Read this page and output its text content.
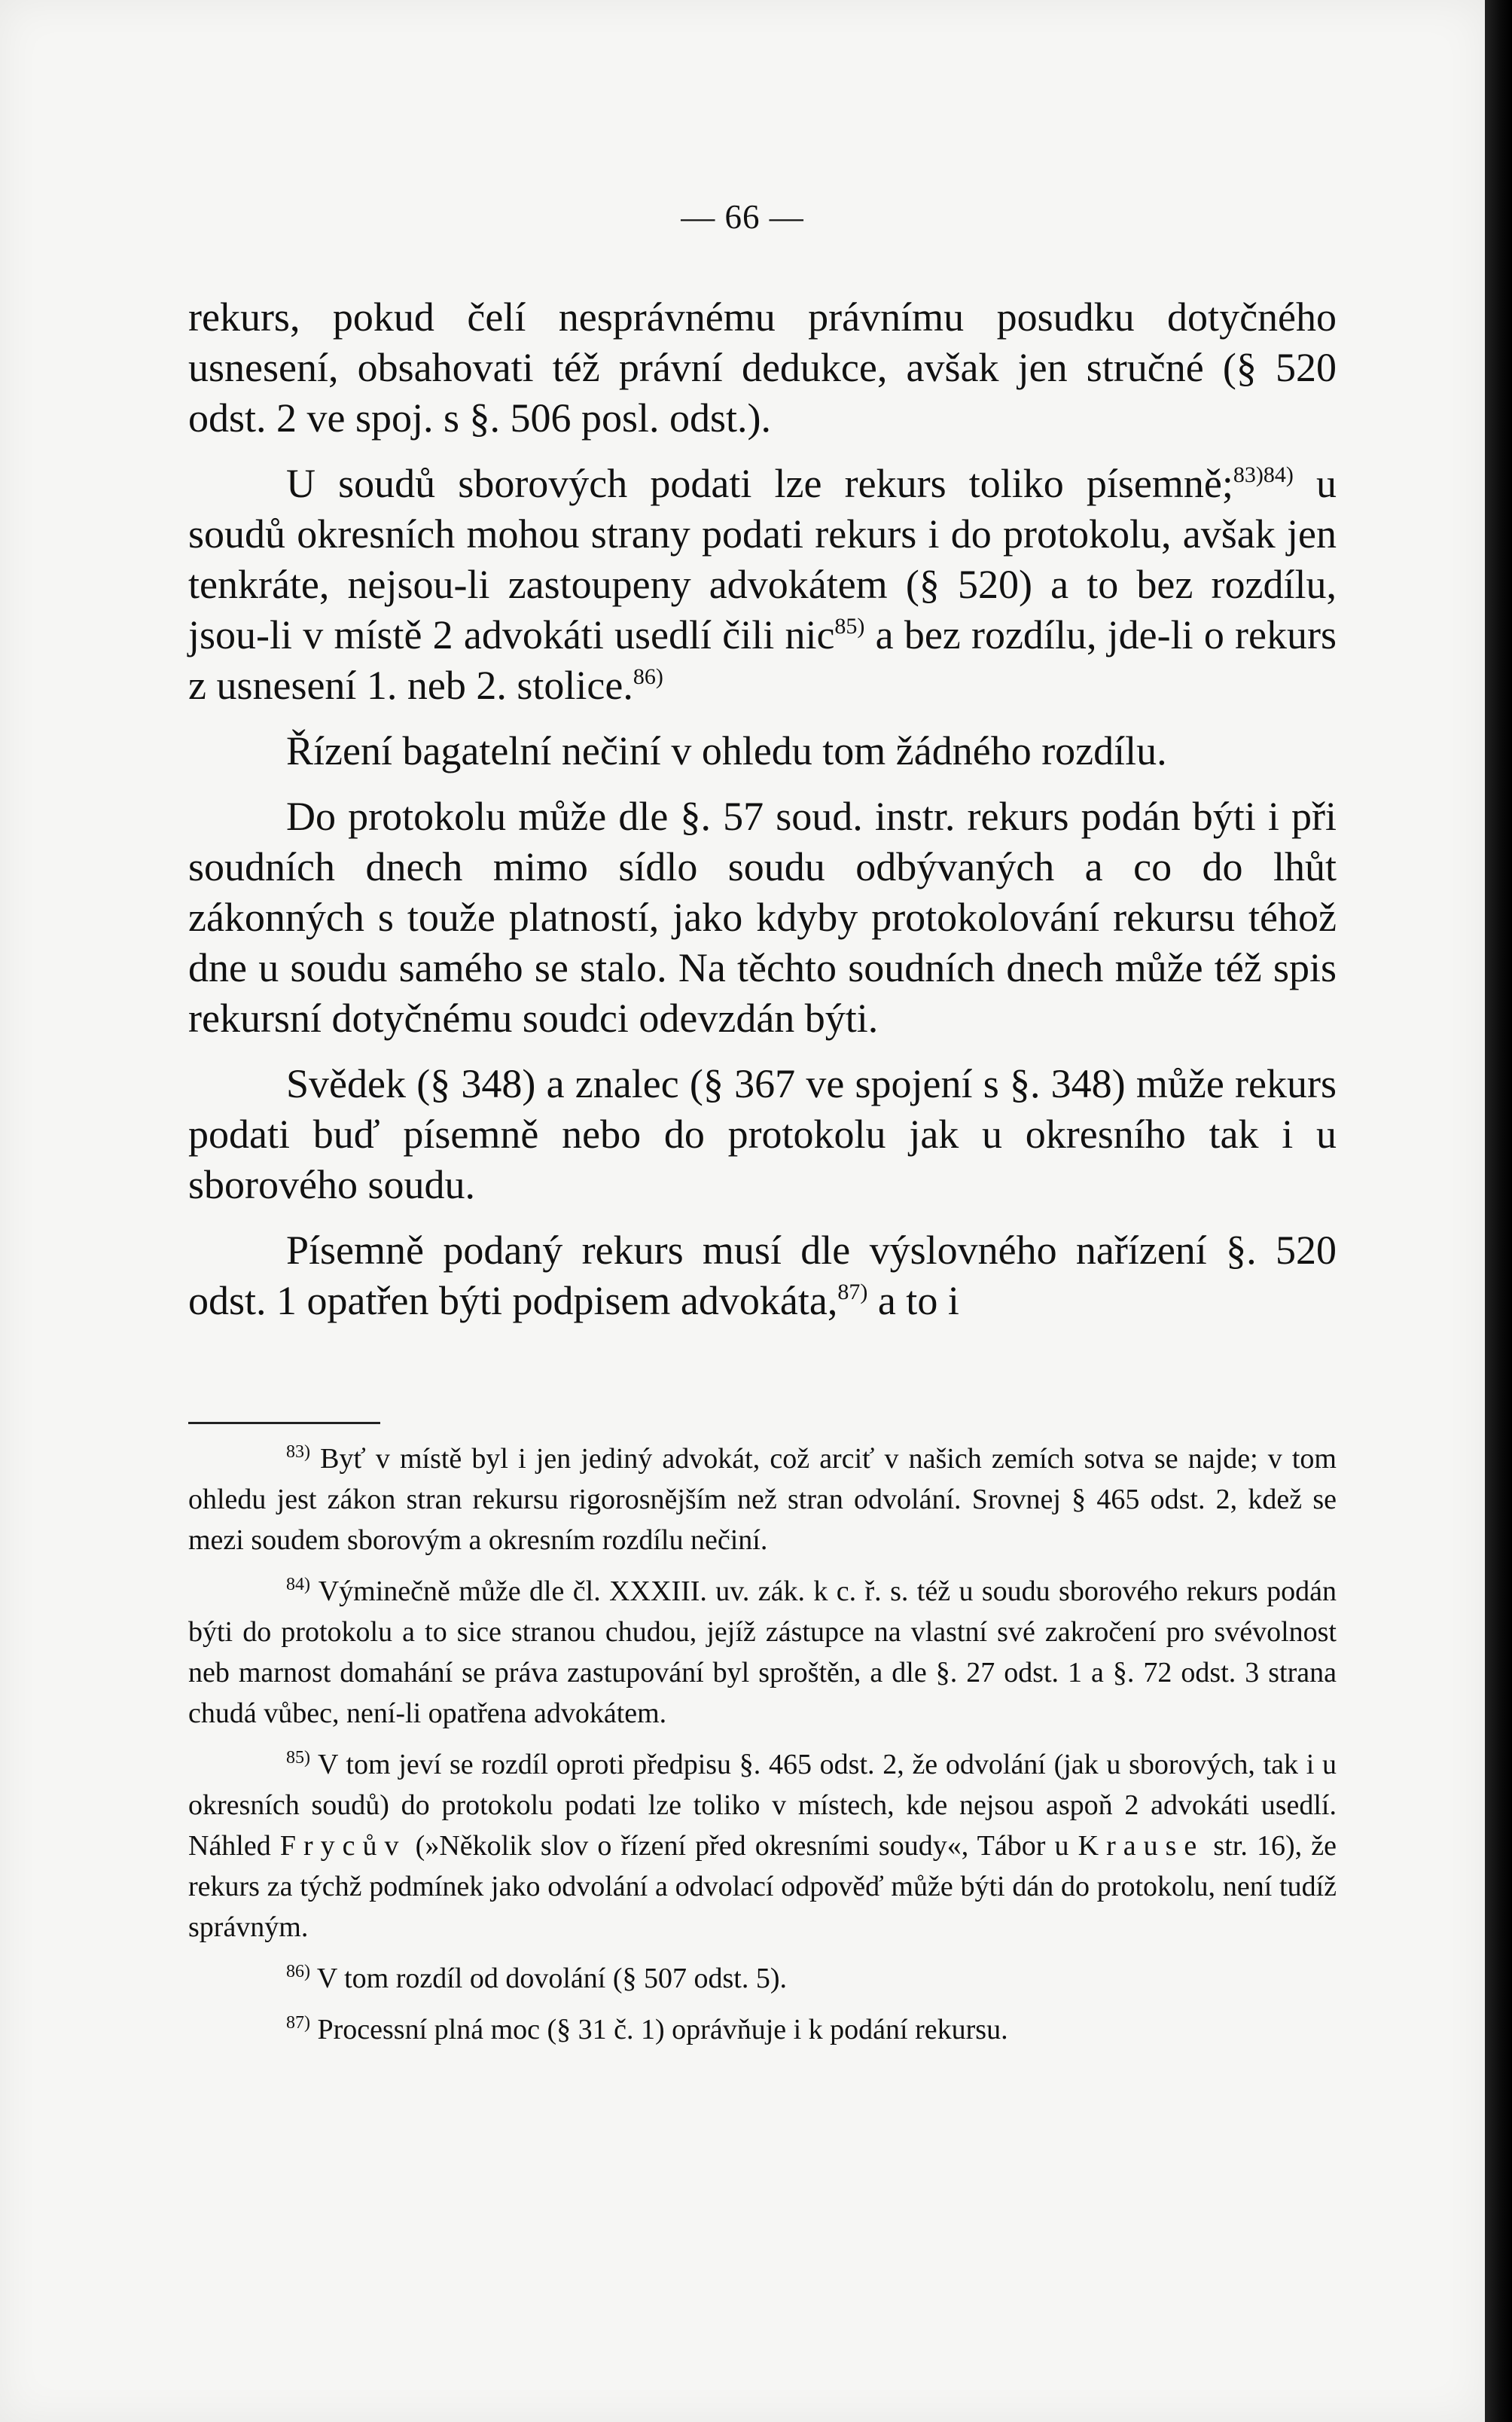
— 66 —

rekurs, pokud čelí nesprávnému právnímu posudku dotyčného usnesení, obsahovati též právní dedukce, avšak jen stručné (§ 520 odst. 2 ve spoj. s §. 506 posl. odst.).

U soudů sborových podati lze rekurs toliko písemně;$^{83)84)}$ u soudů okresních mohou strany podati rekurs i do protokolu, avšak jen tenkráte, nejsou-li zastoupeny advokátem (§ 520) a to bez rozdílu, jsou-li v místě 2 advokáti usedlí čili nic$^{85)}$ a bez rozdílu, jde-li o rekurs z usnesení 1. neb 2. stolice.$^{86)}$

Řízení bagatelní nečiní v ohledu tom žádného rozdílu.

Do protokolu může dle §. 57 soud. instr. rekurs podán býti i při soudních dnech mimo sídlo soudu odbývaných a co do lhůt zákonných s touže platností, jako kdyby protokolování rekursu téhož dne u soudu samého se stalo. Na těchto soudních dnech může též spis rekursní dotyčnému soudci odevzdán býti.

Svědek (§ 348) a znalec (§ 367 ve spojení s §. 348) může rekurs podati buď písemně nebo do protokolu jak u okresního tak i u sborového soudu.

Písemně podaný rekurs musí dle výslovného nařízení §. 520 odst. 1 opatřen býti podpisem advokáta,$^{87)}$ a to i

$^{83)}$ Byť v místě byl i jen jediný advokát, což arciť v našich zemích sotva se najde; v tom ohledu jest zákon stran rekursu rigorosnějším než stran odvolání. Srovnej § 465 odst. 2, kdež se mezi soudem sborovým a okresním rozdílu nečiní.

$^{84)}$ Výminečně může dle čl. XXXIII. uv. zák. k c. ř. s. též u soudu sborového rekurs podán býti do protokolu a to sice stranou chudou, jejíž zástupce na vlastní své zakročení pro svévolnost neb marnost domahání se práva zastupování byl sproštěn, a dle §. 27 odst. 1 a §. 72 odst. 3 strana chudá vůbec, není-li opatřena advokátem.

$^{85)}$ V tom jeví se rozdíl oproti předpisu §. 465 odst. 2, že odvolání (jak u sborových, tak i u okresních soudů) do protokolu podati lze toliko v místech, kde nejsou aspoň 2 advokáti usedlí. Náhled Frycův (»Několik slov o řízení před okresními soudy«, Tábor u Krause str. 16), že rekurs za týchž podmínek jako odvolání a odvolací odpověď může býti dán do protokolu, není tudíž správným.

$^{86)}$ V tom rozdíl od dovolání (§ 507 odst. 5).

$^{87)}$ Processní plná moc (§ 31 č. 1) oprávňuje i k podání rekursu.
